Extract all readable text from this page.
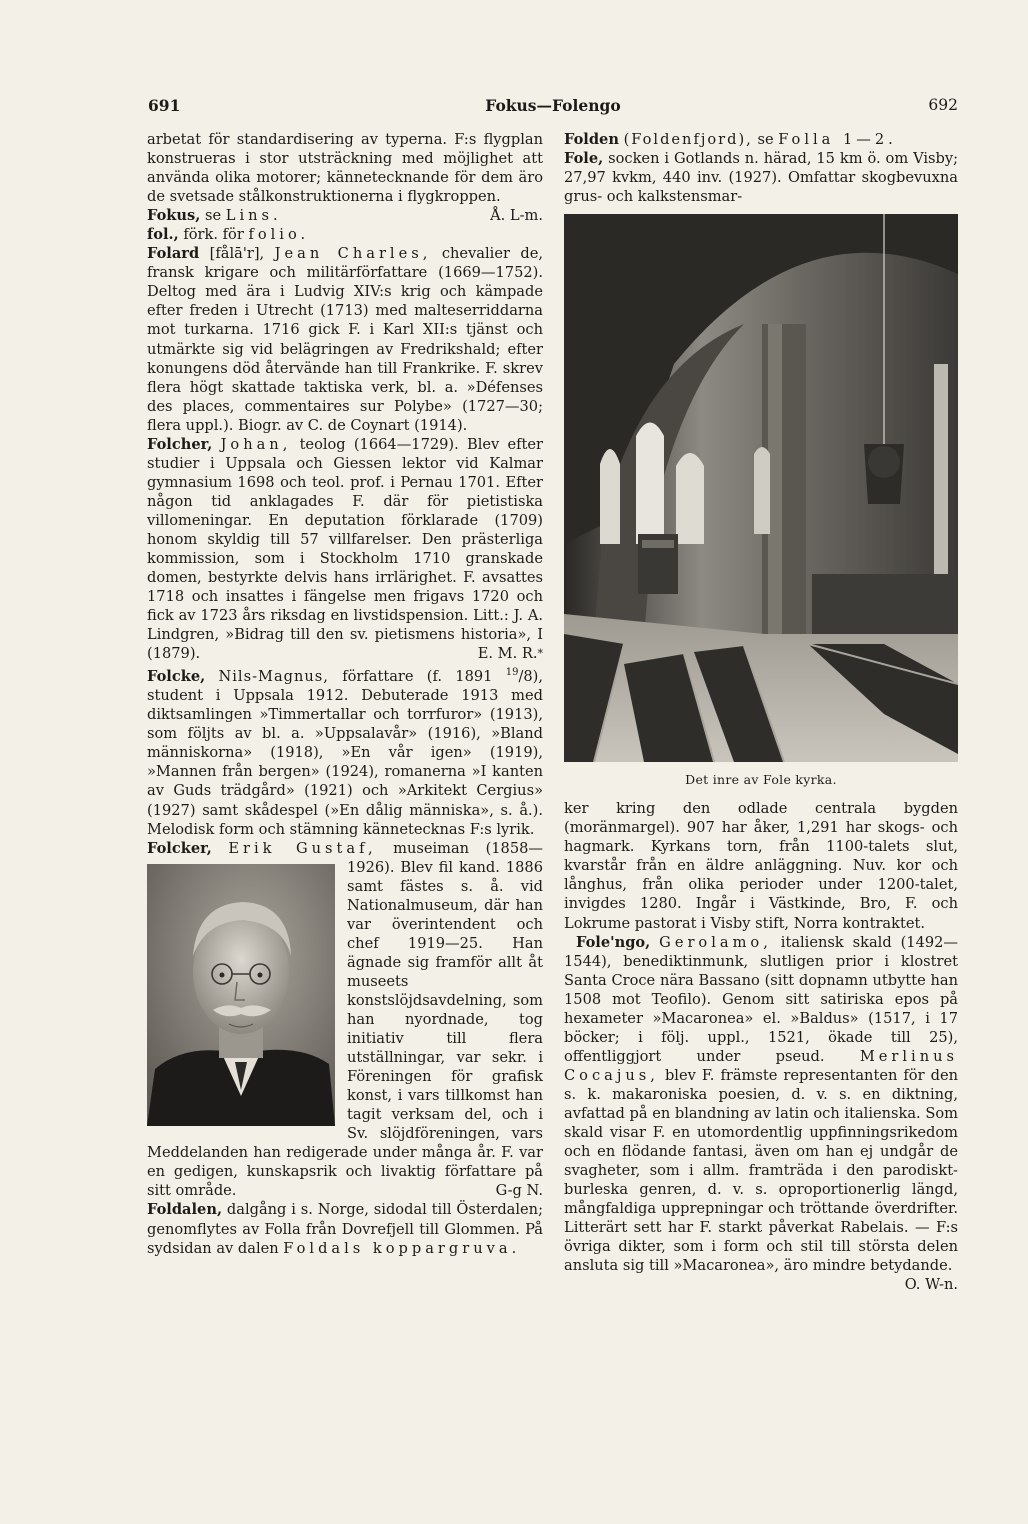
691	Fokus—Folengo	692

arbetat för standardisering av typerna. F:s flygplan konstrueras i stor utsträckning med möjlighet att använda olika motorer; kännetecknande för dem äro de svetsade stålkonstruktionerna i flygkroppen.
Å. L-m.

Fokus, se Lins.

fol., förk. för folio.

Folard [fålā'r], Jean Charles, chevalier de, fransk krigare och militärförfattare (1669—1752). Deltog med ära i Ludvig XIV:s krig och kämpade efter freden i Utrecht (1713) med malteserriddarna mot turkarna. 1716 gick F. i Karl XII:s tjänst och utmärkte sig vid belägringen av Fredrikshald; efter konungens död återvände han till Frankrike. F. skrev flera högt skattade taktiska verk, bl. a. »Défenses des places, commentaires sur Polybe» (1727—30; flera uppl.). Biogr. av C. de Coynart (1914).

Folcher, Johan, teolog (1664—1729). Blev efter studier i Uppsala och Giessen lektor vid Kalmar gymnasium 1698 och teol. prof. i Pernau 1701. Efter någon tid anklagades F. där för pietistiska villomeningar. En deputation förklarade (1709) honom skyldig till 57 villfarelser. Den prästerliga kommission, som i Stockholm 1710 granskade domen, bestyrkte delvis hans irrlärighet. F. avsattes 1718 och insattes i fängelse men frigavs 1720 och fick av 1723 års riksdag en livstidspension. Litt.: J. A. Lindgren, »Bidrag till den sv. pietismens historia», I (1879).	E. M. R.*

Folcke, Nils-Magnus, författare (f. 1891 $^{19}$/8), student i Uppsala 1912. Debuterade 1913 med diktsamlingen »Timmertallar och torrfuror» (1913), som följts av bl. a. »Uppsalavår» (1916), »Bland människorna» (1918), »En vår igen» (1919), »Mannen från bergen» (1924), romanerna »I kanten av Guds trädgård» (1921) och »Arkitekt Cergius» (1927) samt skådespel (»En dålig människa», s. å.). Melodisk form och stämning kännetecknas F:s lyrik.

Folcker, Erik Gustaf, museiman (1858—1926). Blev fil kand. 1886 samt fästes s. å. vid Nationalmuseum, där han var överintendent och chef 1919—25. Han ägnade sig framför allt åt museets konstslöjdsavdelning, som han nyordnade, tog initiativ till flera utställningar, var sekr. i Föreningen för grafisk konst, i vars tillkomst han tagit verksam del, och i Sv. slöjdföreningen, vars Meddelanden han redigerade under många år. F. var en gedigen, kunskapsrik och livaktig författare på sitt område.	G-g N.

Foldalen, dalgång i s. Norge, sidodal till Österdalen; genomflytes av Folla från Dovrefjell till Glommen. På sydsidan av dalen Foldals koppargruva.

Folden (Foldenfjord), se Folla 1—2.

Fole, socken i Gotlands n. härad, 15 km ö. om Visby; 27,97 kvkm, 440 inv. (1927). Omfattar skogbevuxna grus- och kalkstensmar-

Det inre av Fole kyrka.

ker kring den odlade centrala bygden (moränmargel). 907 har åker, 1,291 har skogs- och hagmark. Kyrkans torn, från 1100-talets slut, kvarstår från en äldre anläggning. Nuv. kor och långhus, från olika perioder under 1200-talet, invigdes 1280. Ingår i Västkinde, Bro, F. och Lokrume pastorat i Visby stift, Norra kontraktet.

Fole'ngo, Gerolamo, italiensk skald (1492—1544), benediktinmunk, slutligen prior i klostret Santa Croce nära Bassano (sitt dopnamn utbytte han 1508 mot Teofilo). Genom sitt satiriska epos på hexameter »Macaronea» el. »Baldus» (1517, i 17 böcker; i följ. uppl., 1521, ökade till 25), offentliggjort under pseud. Merlinus Cocajus, blev F. främste representanten för den s. k. makaroniska poesien, d. v. s. en diktning, avfattad på en blandning av latin och italienska. Som skald visar F. en utomordentlig uppfinningsrikedom och en flödande fantasi, även om han ej undgår de svagheter, som i allm. framträda i den parodiskt-burleska genren, d. v. s. oproportionerlig längd, mångfaldiga upprepningar och tröttande överdrifter. Litterärt sett har F. starkt påverkat Rabelais. — F:s övriga dikter, som i form och stil till största delen ansluta sig till »Macaronea», äro mindre betydande.
O. W-n.
